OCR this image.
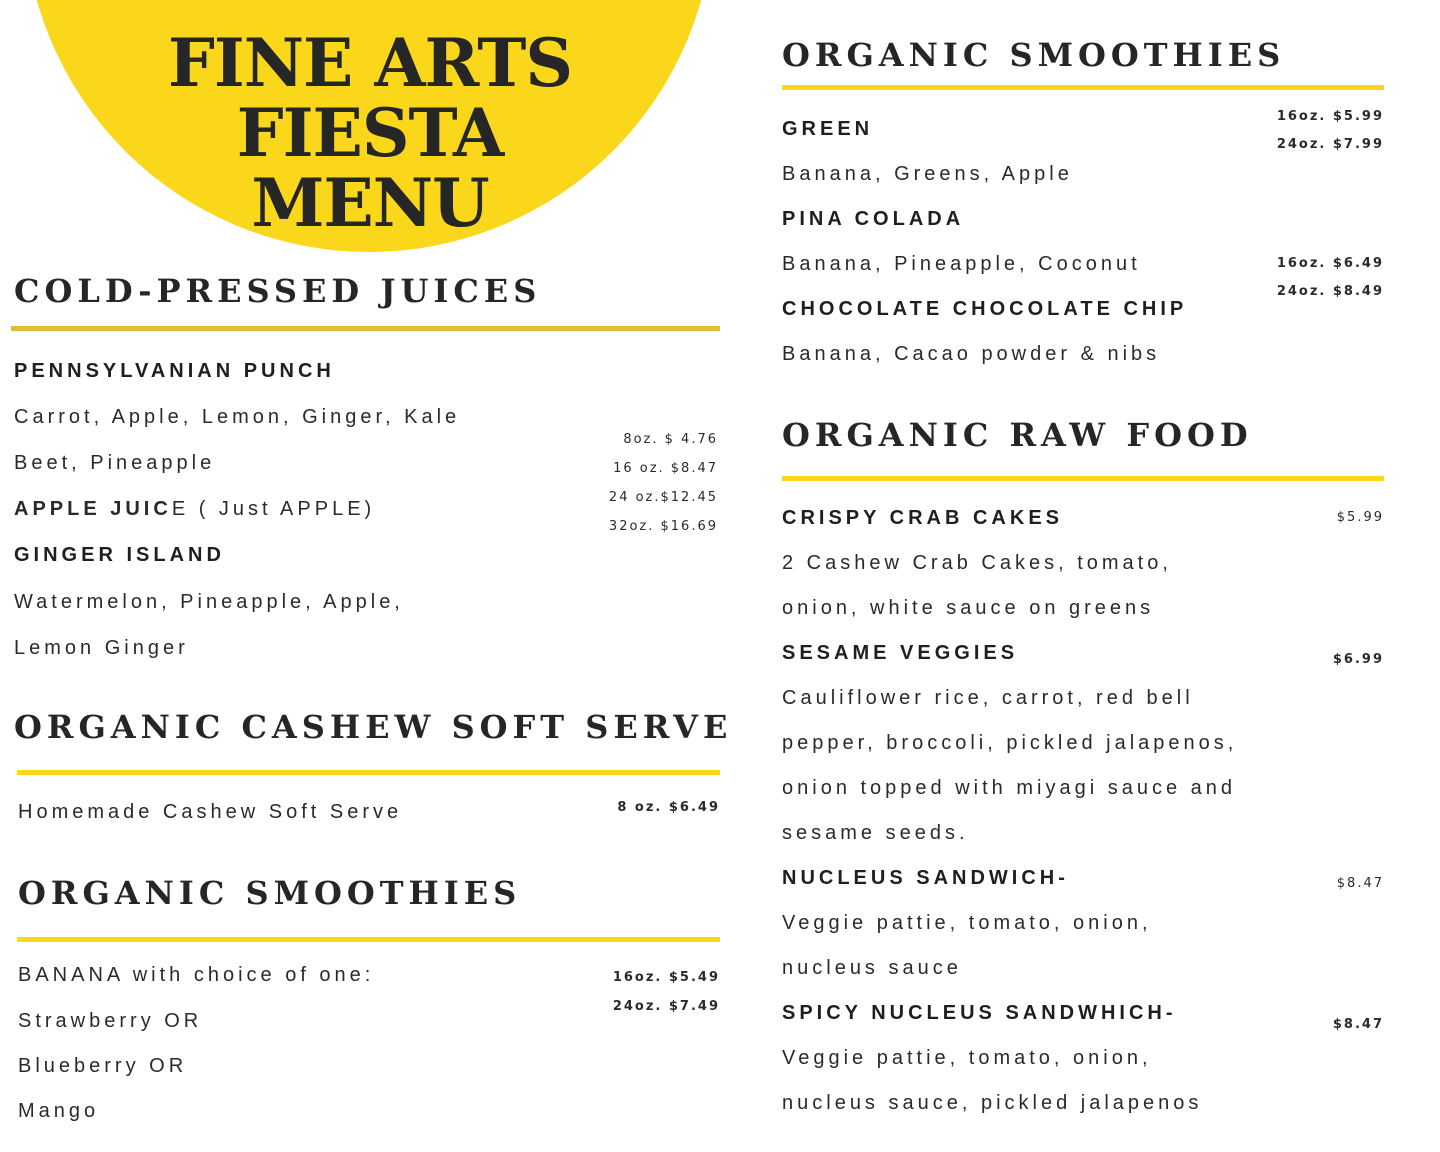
FINE ARTS
FIESTA
MENU
COLD-PRESSED JUICES
PENNSYLVANIAN PUNCH
Carrot, Apple, Lemon, Ginger, Kale
Beet, Pineapple
APPLE JUICE ( Just APPLE)
GINGER ISLAND
Watermelon, Pineapple, Apple,
Lemon Ginger
8oz. $ 4.76
16 oz. $8.47
24 oz.$12.45
32oz. $16.69
ORGANIC CASHEW SOFT SERVE
Homemade Cashew Soft Serve	8 oz. $6.49
ORGANIC SMOOTHIES
BANANA with choice of one:
Strawberry OR
Blueberry OR
Mango
16oz. $5.49
24oz. $7.49
ORGANIC SMOOTHIES
GREEN
Banana, Greens, Apple
PINA COLADA
Banana, Pineapple, Coconut
CHOCOLATE CHOCOLATE CHIP
Banana, Cacao powder & nibs
16oz. $5.99
24oz. $7.99
16oz. $6.49
24oz. $8.49
ORGANIC RAW FOOD
CRISPY CRAB CAKES
2 Cashew Crab Cakes, tomato,
onion, white sauce on greens
$5.99
SESAME VEGGIES
Cauliflower rice, carrot, red bell
pepper, broccoli, pickled jalapenos,
onion topped with miyagi sauce and
sesame seeds.
$6.99
NUCLEUS SANDWICH-
Veggie pattie, tomato, onion,
nucleus sauce
$8.47
SPICY NUCLEUS SANDWHICH-
Veggie pattie, tomato, onion,
nucleus sauce, pickled jalapenos
$8.47
